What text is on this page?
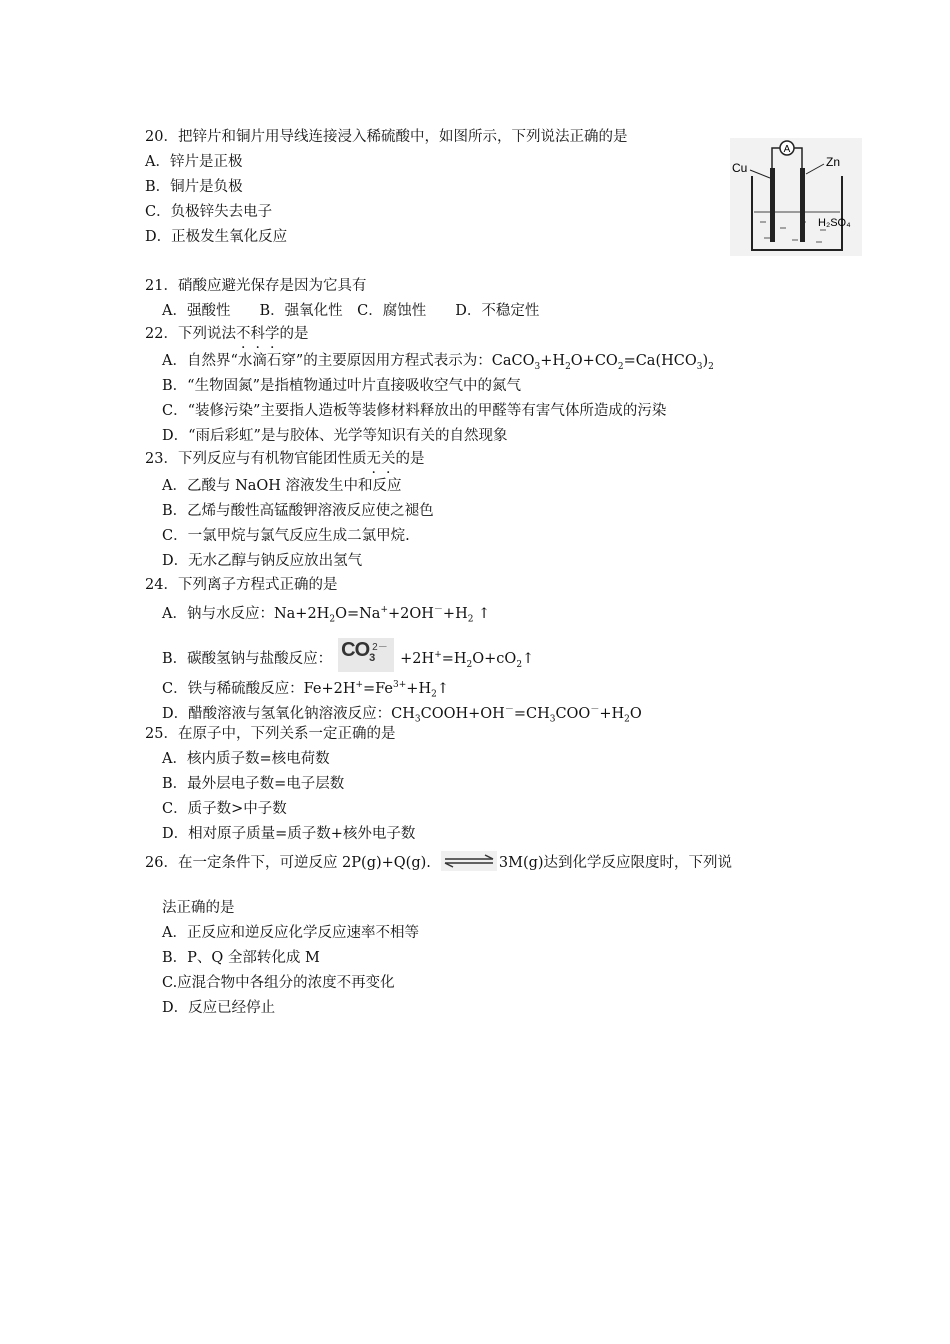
20．把锌片和铜片用导线连接浸入稀硫酸中，如图所示，下列说法正确的是
A．锌片是正极
B．铜片是负极
C．负极锌失去电子
D．正极发生氧化反应
A
Cu	Zn
H₂SO₄
21．硝酸应避光保存是因为它具有
A．强酸性　　B．强氧化性　C．腐蚀性　　D．不稳定性
22．下列说法不科学的是
A．自然界“水滴石穿”的主要原因用方程式表示为：$CaCO_3+H_2O+CO_2=Ca(HCO_3)_2$
B．“生物固氮”是指植物通过叶片直接吸收空气中的氮气
C．“装修污染”主要指人造板等装修材料释放出的甲醛等有害气体所造成的污染
D．“雨后彩虹”是与胶体、光学等知识有关的自然现象
23．下列反应与有机物官能团性质无关的是
A．乙酸与 NaOH 溶液发生中和反应
B．乙烯与酸性高锰酸钾溶液反应使之褪色
C．一氯甲烷与氯气反应生成二氯甲烷.
D．无水乙醇与钠反应放出氢气
24．下列离子方程式正确的是
A．钠与水反应：$Na+2H_2O=Na^++2OH^-+H_2$ ↑
B．碳酸氢钠与盐酸反应： $CO_3$
2－
$+2H^+=H_2O+cO_2↑$
C．铁与稀硫酸反应：$Fe+2H^+=Fe^{3+}+H_2↑$
D．醋酸溶液与氢氧化钠溶液反应：$CH_3COOH+OH^-=CH_3COO^-+H_2O$
25．在原子中，下列关系一定正确的是
A．核内质子数=核电荷数
B．最外层电子数=电子层数
C．质子数>中子数
D．相对原子质量=质子数+核外电子数
26．在一定条件下，可逆反应 2P(g)+Q(g).	3M(g)达到化学反应限度时，下列说
法正确的是
A．正反应和逆反应化学反应速率不相等
B．P、Q 全部转化成 M
C.应混合物中各组分的浓度不再变化
D．反应已经停止
